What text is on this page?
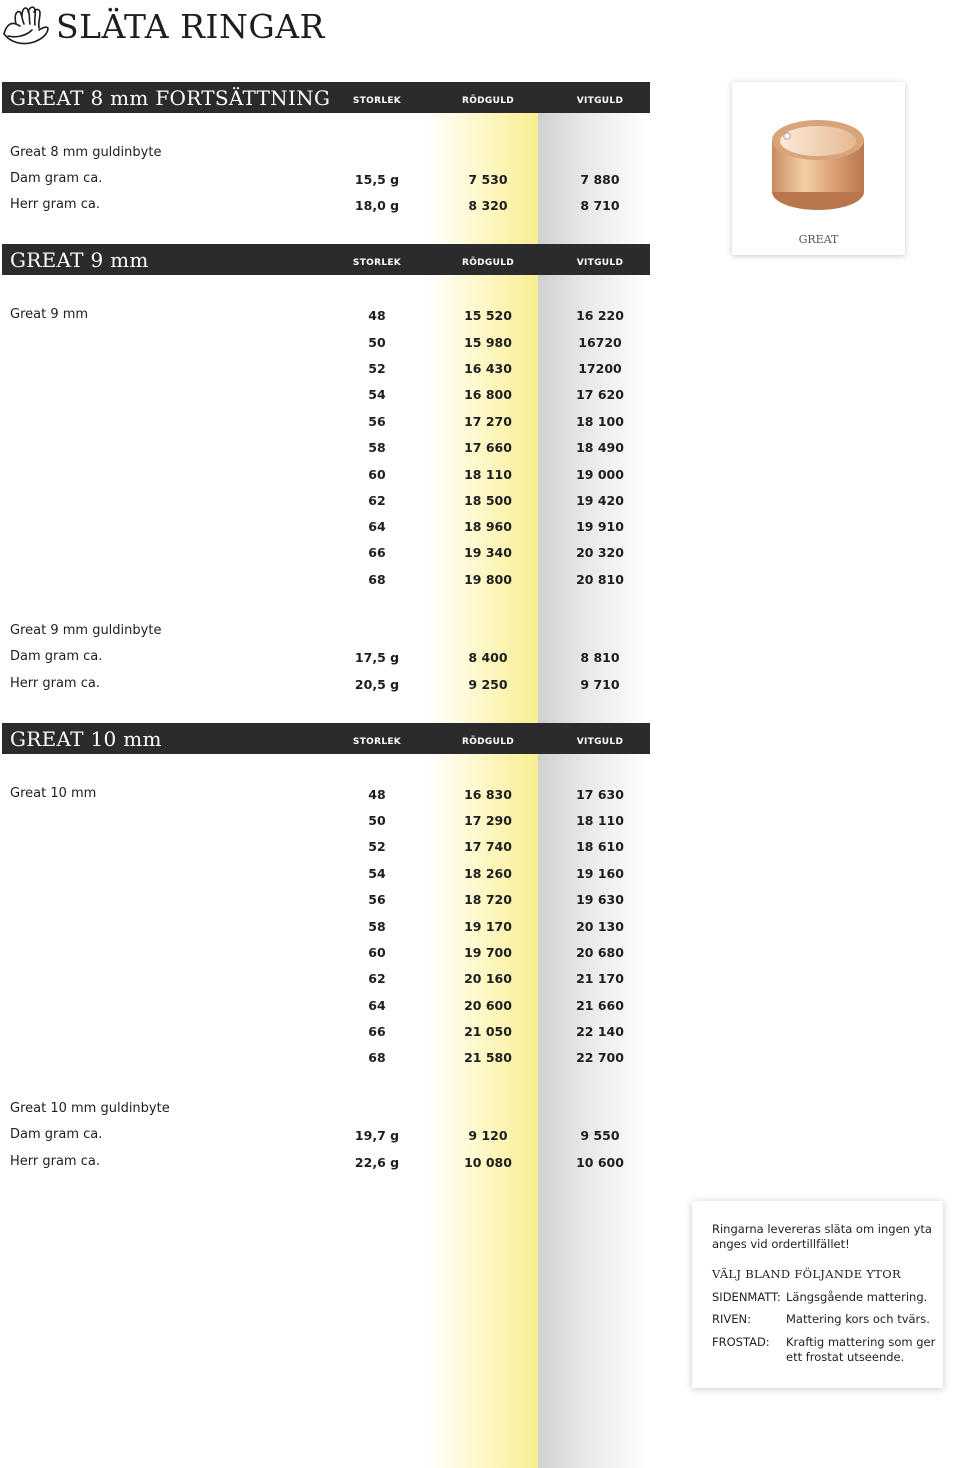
SLÄTA RINGAR
GREAT 8 mm FORTSÄTTNING	STORLEK	RÖDGULD	VITGULD
Great 8 mm guldinbyte
Dam gram ca.	15,5 g	7 530	7 880
Herr gram ca.	18,0 g	8 320	8 710
GREAT 9 mm	STORLEK	RÖDGULD	VITGULD
Great 9 mm	48	15 520	16 220
50	15 980	16720
52	16 430	17200
54	16 800	17 620
56	17 270	18 100
58	17 660	18 490
60	18 110	19 000
62	18 500	19 420
64	18 960	19 910
66	19 340	20 320
68	19 800	20 810
Great 9 mm guldinbyte
Dam gram ca.	17,5 g	8 400	8 810
Herr gram ca.	20,5 g	9 250	9 710
GREAT 10 mm	STORLEK	RÖDGULD	VITGULD
Great 10 mm	48	16 830	17 630
50	17 290	18 110
52	17 740	18 610
54	18 260	19 160
56	18 720	19 630
58	19 170	20 130
60	19 700	20 680
62	20 160	21 170
64	20 600	21 660
66	21 050	22 140
68	21 580	22 700
Great 10 mm guldinbyte
Dam gram ca.	19,7 g	9 120	9 550
Herr gram ca.	22,6 g	10 080	10 600
GREAT
Ringarna levereras släta om ingen yta anges vid ordertillfället!
VÄLJ BLAND FÖLJANDE YTOR
SIDENMATT: Längsgående mattering.
RIVEN:	Mattering kors och tvärs.
FROSTAD: Kraftig mattering som ger ett frostat utseende.
